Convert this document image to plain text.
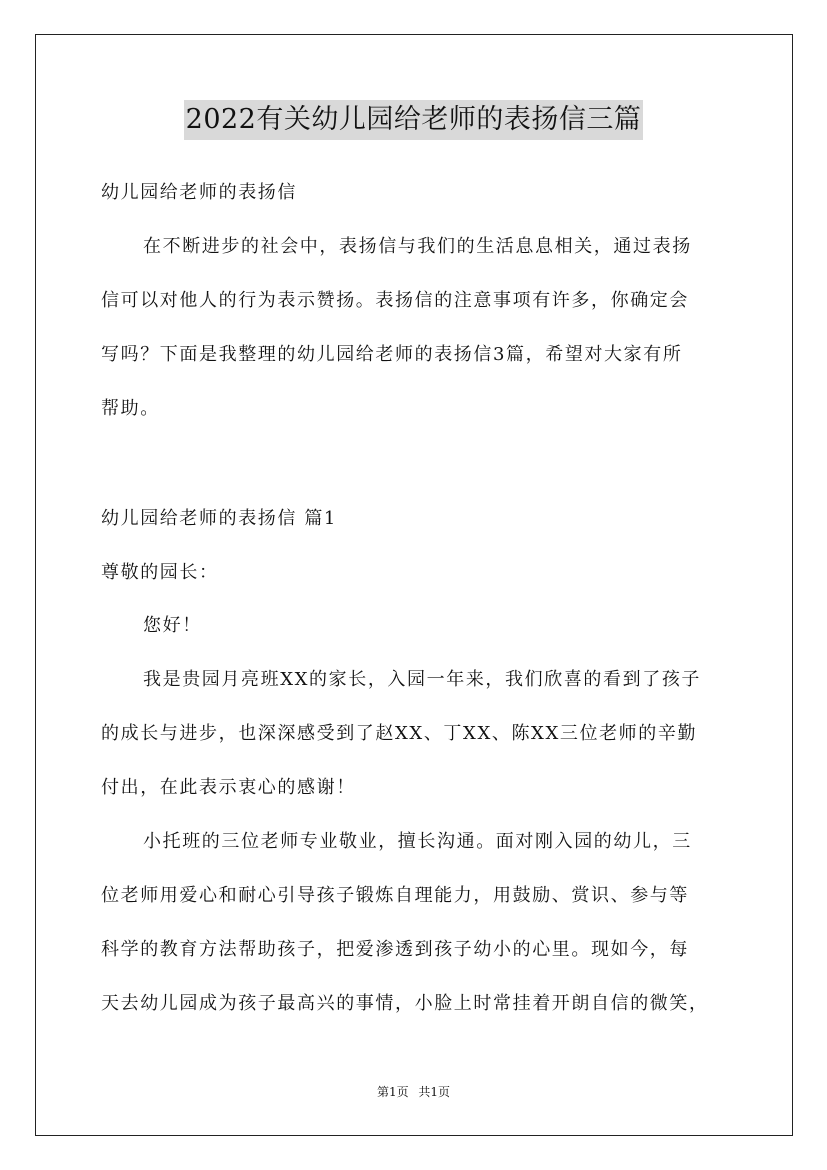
2022有关幼儿园给老师的表扬信三篇
幼儿园给老师的表扬信
在不断进步的社会中，表扬信与我们的生活息息相关，通过表扬
信可以对他人的行为表示赞扬。表扬信的注意事项有许多，你确定会
写吗？下面是我整理的幼儿园给老师的表扬信3篇，希望对大家有所
帮助。
幼儿园给老师的表扬信 篇1
尊敬的园长：
您好！
我是贵园月亮班XX的家长，入园一年来，我们欣喜的看到了孩子
的成长与进步，也深深感受到了赵XX、丁XX、陈XX三位老师的辛勤
付出，在此表示衷心的感谢！
小托班的三位老师专业敬业，擅长沟通。面对刚入园的幼儿，三
位老师用爱心和耐心引导孩子锻炼自理能力，用鼓励、赏识、参与等
科学的教育方法帮助孩子，把爱渗透到孩子幼小的心里。现如今，每
天去幼儿园成为孩子最高兴的事情，小脸上时常挂着开朗自信的微笑，
第1页 共1页
